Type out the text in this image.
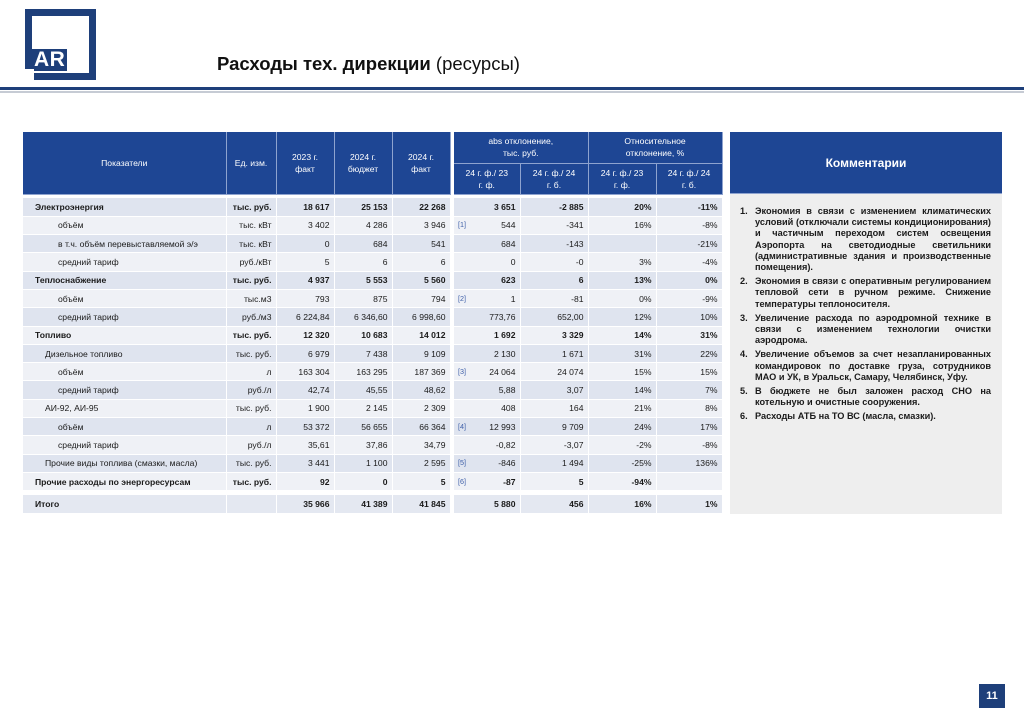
AR	Расходы тех. дирекции (ресурсы)
Показатели	Ед. изм.	2023 г. факт	2024 г. бюджет	2024 г. факт		abs отклонение, тыс. руб.		Относительное отклонение, %	
						24 г. ф./ 23 г. ф.	24 г. ф./ 24 г. б.	24 г. ф./ 23 г. ф.	24 г. ф./ 24 г. б.

Электроэнергия	тыс. руб.	18 617	25 153	22 268		3 651	-2 885	20%	-11%
объём	тыс. кВт	3 402	4 286	3 946		[1] 544	-341	16%	-8%
в т.ч. объём перевыставляемой э/э	тыс. кВт	0	684	541		684	-143		-21%
средний тариф	руб./кВт	5	6	6		0	-0	3%	-4%
Теплоснабжение	тыс. руб.	4 937	5 553	5 560		623	6	13%	0%
объём	тыс.м3	793	875	794		[2] 1	-81	0%	-9%
средний тариф	руб./м3	6 224,84	6 346,60	6 998,60		773,76	652,00	12%	10%
Топливо	тыс. руб.	12 320	10 683	14 012		1 692	3 329	14%	31%
Дизельное топливо	тыс. руб.	6 979	7 438	9 109		2 130	1 671	31%	22%
объём	л	163 304	163 295	187 369		[3] 24 064	24 074	15%	15%
средний тариф	руб./л	42,74	45,55	48,62		5,88	3,07	14%	7%
АИ-92, АИ-95	тыс. руб.	1 900	2 145	2 309		408	164	21%	8%
объём	л	53 372	56 655	66 364		[4] 12 993	9 709	24%	17%
средний тариф	руб./л	35,61	37,86	34,79		-0,82	-3,07	-2%	-8%
Прочие виды топлива (смазки, масла)	тыс. руб.	3 441	1 100	2 595		[5] -846	1 494	-25%	136%
Прочие расходы по энергоресурсам	тыс. руб.	92	0	5		[6] -87	5	-94%	

Итого		35 966	41 389	41 845		5 880	456	16%	1%
Комментарии
1. Экономия в связи с изменением климатических условий (отключали системы кондиционирования) и частичным переходом систем освещения Аэропорта на светодиодные светильники (административные здания и производственные помещения).
2. Экономия в связи с оперативным регулированием тепловой сети в ручном режиме. Снижение температуры теплоносителя.
3. Увеличение расхода по аэродромной технике в связи с изменением технологии очистки аэродрома.
4. Увеличение объемов за счет незапланированных командировок по доставке груза, сотрудников МАО и УК, в Уральск, Самару, Челябинск, Уфу.
5. В бюджете не был заложен расход СНО на котельную и очистные сооружения.
6. Расходы АТБ на ТО ВС (масла, смазки).
11
